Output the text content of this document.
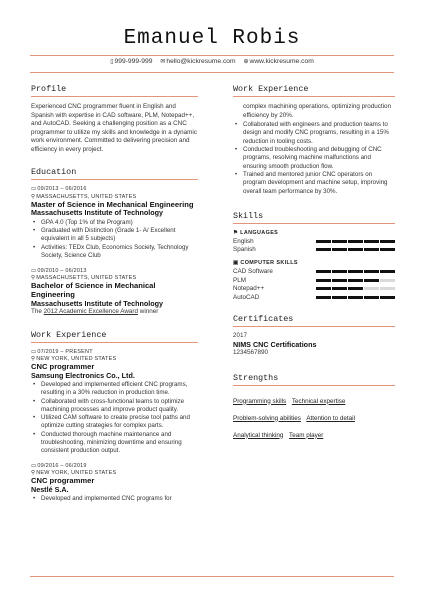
Emanuel Robis
▯999-999-999 ✉hello@kickresume.com ⊕www.kickresume.com
Profile
Experienced CNC programmer fluent in English and Spanish with expertise in CAD software, PLM, Notepad++, and AutoCAD. Seeking a challenging position as a CNC programmer to utilize my skills and knowledge in a dynamic work environment. Committed to delivering precision and efficiency in every project.
Education
▭09/2013 – 06/2016
⚲MASSACHUSETTS, UNITED STATES
Master of Science in Mechanical Engineering
Massachusetts Institute of Technology
• GPA 4.0 (Top 1% of the Program)
• Graduated with Distinction (Grade 1- A/ Excellent equivalent in all 5 subjects)
• Activities: TEDx Club, Economics Society, Technology Society, Science Club
▭09/2010 – 06/2013
⚲MASSACHUSETTS, UNITED STATES
Bachelor of Science in Mechanical Engineering
Massachusetts Institute of Technology
The 2012 Academic Excellence Award winner
Work Experience
▭07/2019 – PRESENT
⚲NEW YORK, UNITED STATES
CNC programmer
Samsung Electronics Co., Ltd.
• Developed and implemented efficient CNC programs, resulting in a 30% reduction in production time.
• Collaborated with cross-functional teams to optimize machining processes and improve product quality.
• Utilized CAM software to create precise tool paths and optimize cutting strategies for complex parts.
• Conducted thorough machine maintenance and troubleshooting, minimizing downtime and ensuring consistent production output.
▭09/2016 – 06/2019
⚲NEW YORK, UNITED STATES
CNC programmer
Nestlé S.A.
• Developed and implemented CNC programs for
Work Experience
complex machining operations, optimizing production efficiency by 20%.
• Collaborated with engineers and production teams to design and modify CNC programs, resulting in a 15% reduction in tooling costs.
• Conducted troubleshooting and debugging of CNC programs, resolving machine malfunctions and ensuring smooth production flow.
• Trained and mentored junior CNC operators on program development and machine setup, improving overall team performance by 30%.
Skills
⚑ LANGUAGES
English
Spanish
▣ COMPUTER SKILLS
CAD Software
PLM
Notepad++
AutoCAD
Certificates
2017
NIMS CNC Certifications
1234567890
Strengths
Programming skills Technical expertise
Problem-solving abilities Attention to detail
Analytical thinking Team player
